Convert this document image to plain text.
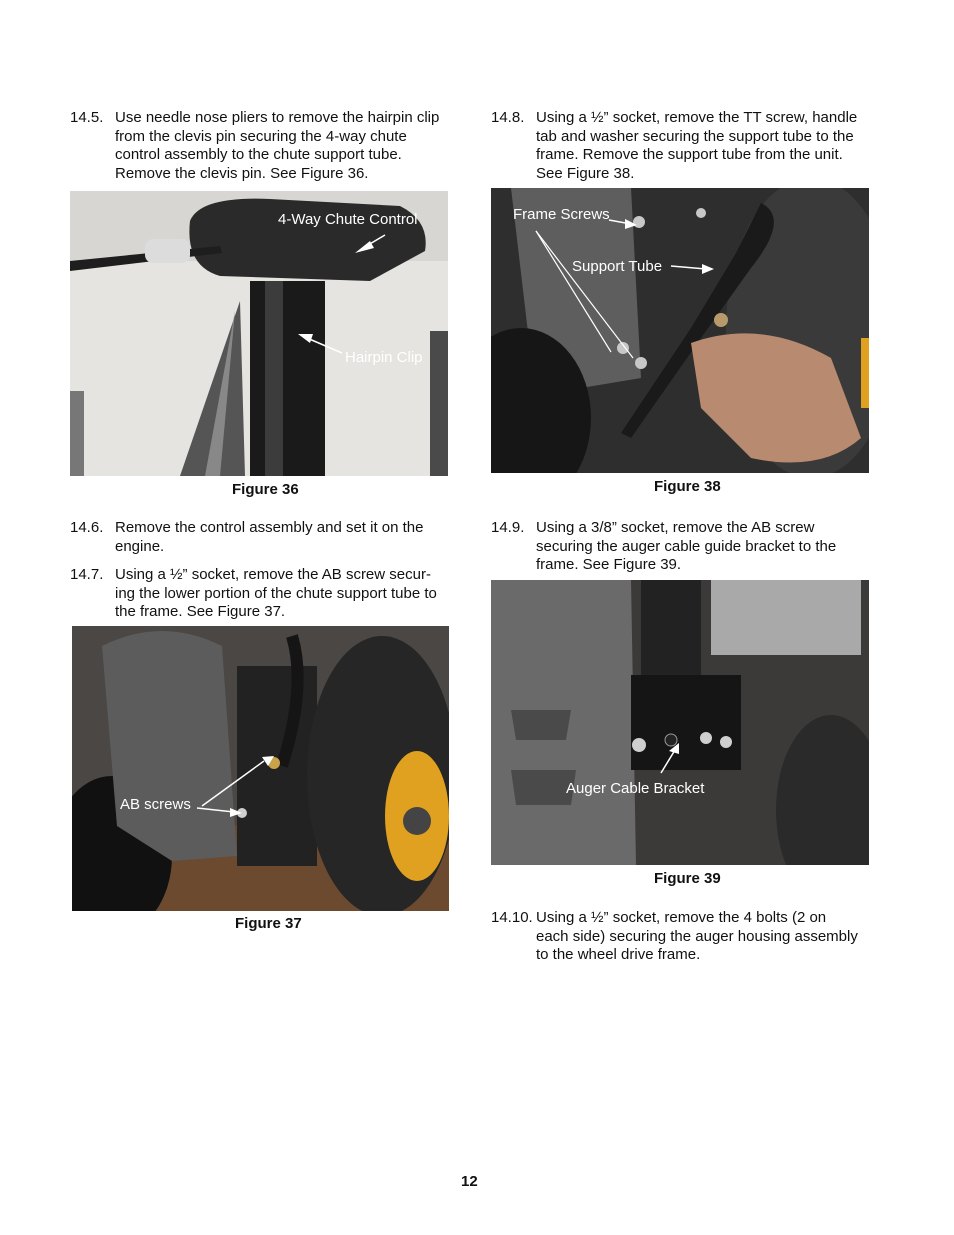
14.5. Use needle nose pliers to remove the hairpin clip
from the clevis pin securing the 4-way chute
control assembly to the chute support tube.
Remove the clevis pin. See Figure 36.
4-Way Chute Control
Hairpin Clip
Figure 36
14.6. Remove the control assembly and set it on the
engine.
14.7. Using a ½” socket, remove the AB screw secur-
ing the lower portion of the chute support tube to
the frame. See Figure 37.
AB screws
Figure 37
14.8. Using a ½” socket, remove the TT screw, handle
tab and washer securing the support tube to the
frame. Remove the support tube from the unit.
See Figure 38.
Frame Screws
Support Tube
Figure 38
14.9. Using a 3/8” socket, remove the AB screw
securing the auger cable guide bracket to the
frame. See Figure 39.
Auger Cable Bracket
Figure 39
14.10. Using a ½” socket, remove the 4 bolts (2 on
each side) securing the auger housing assembly
to the wheel drive frame.
12
